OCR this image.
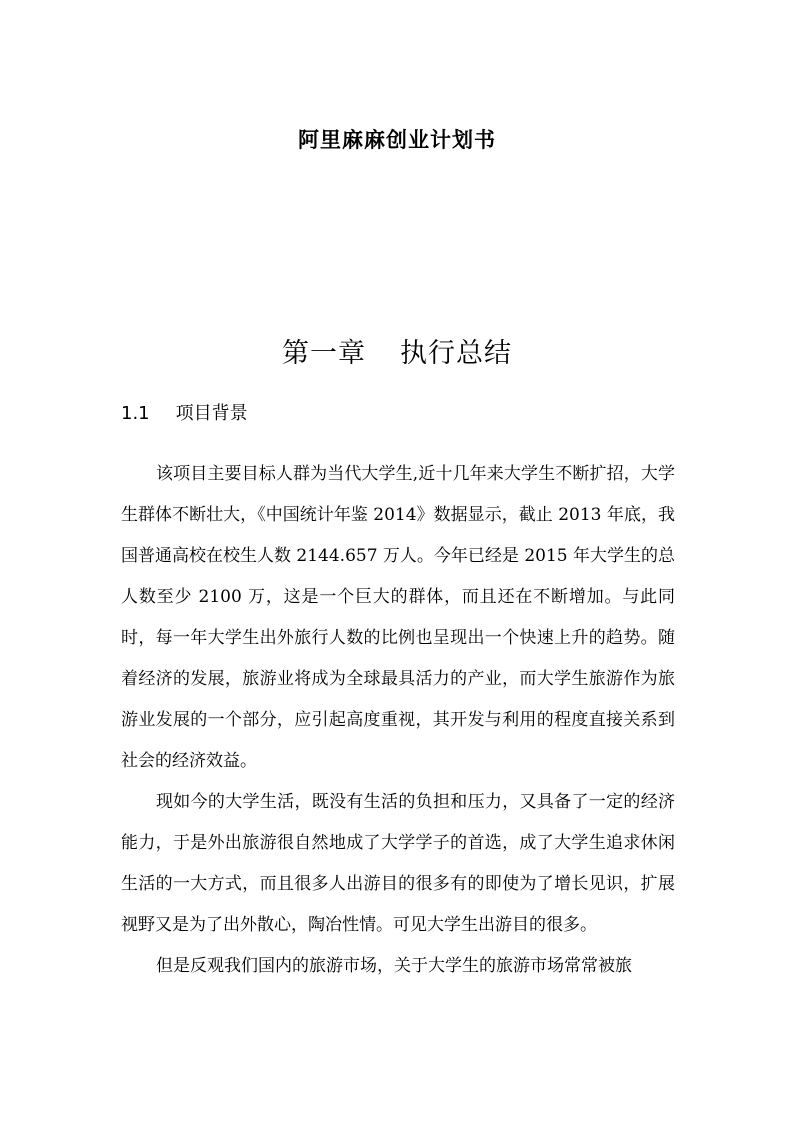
阿里麻麻创业计划书
第一章 执行总结
1.1 项目背景

该项目主要目标人群为当代大学生,近十几年来大学生不断扩招，大学生群体不断壮大，《中国统计年鉴 2014》数据显示，截止 2013 年底，我国普通高校在校生人数 2144.657 万人。今年已经是 2015 年大学生的总人数至少 2100 万，这是一个巨大的群体，而且还在不断增加。与此同时，每一年大学生出外旅行人数的比例也呈现出一个快速上升的趋势。随着经济的发展，旅游业将成为全球最具活力的产业，而大学生旅游作为旅游业发展的一个部分，应引起高度重视，其开发与利用的程度直接关系到社会的经济效益。

现如今的大学生活，既没有生活的负担和压力，又具备了一定的经济能力，于是外出旅游很自然地成了大学学子的首选，成了大学生追求休闲生活的一大方式，而且很多人出游目的很多有的即使为了增长见识，扩展视野又是为了出外散心，陶冶性情。可见大学生出游目的很多。

但是反观我们国内的旅游市场，关于大学生的旅游市场常常被旅
